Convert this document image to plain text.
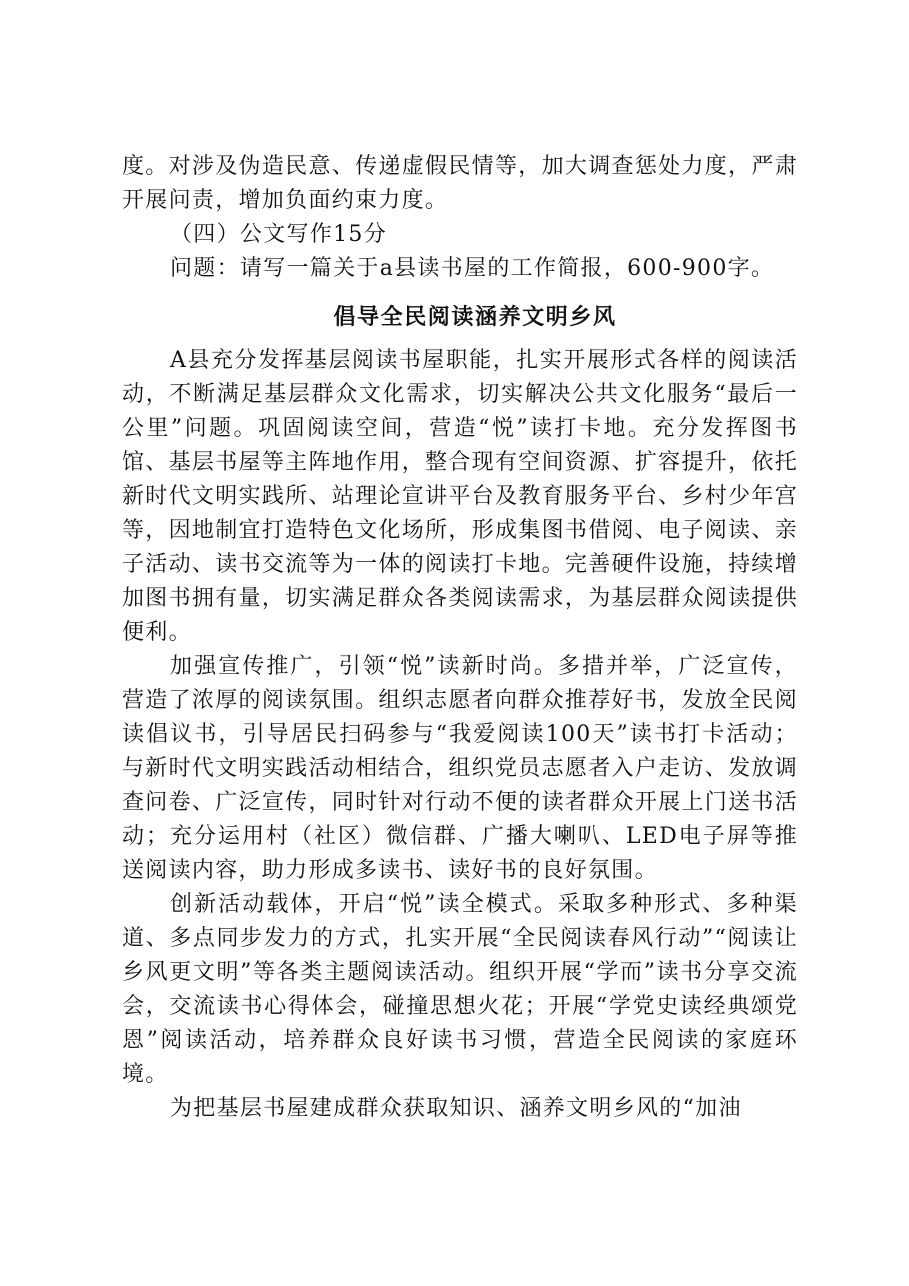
度。对涉及伪造民意、传递虚假民情等，加大调查惩处力度，严肃开展问责，增加负面约束力度。

（四）公文写作15分

问题：请写一篇关于a县读书屋的工作简报，600-900字。

倡导全民阅读涵养文明乡风

A县充分发挥基层阅读书屋职能，扎实开展形式各样的阅读活动，不断满足基层群众文化需求，切实解决公共文化服务“最后一公里”问题。巩固阅读空间，营造“悦”读打卡地。充分发挥图书馆、基层书屋等主阵地作用，整合现有空间资源、扩容提升，依托新时代文明实践所、站理论宣讲平台及教育服务平台、乡村少年宫等，因地制宜打造特色文化场所，形成集图书借阅、电子阅读、亲子活动、读书交流等为一体的阅读打卡地。完善硬件设施，持续增加图书拥有量，切实满足群众各类阅读需求，为基层群众阅读提供便利。

加强宣传推广，引领“悦”读新时尚。多措并举，广泛宣传，营造了浓厚的阅读氛围。组织志愿者向群众推荐好书，发放全民阅读倡议书，引导居民扫码参与“我爱阅读100天”读书打卡活动；与新时代文明实践活动相结合，组织党员志愿者入户走访、发放调查问卷、广泛宣传，同时针对行动不便的读者群众开展上门送书活动；充分运用村（社区）微信群、广播大喇叭、LED电子屏等推送阅读内容，助力形成多读书、读好书的良好氛围。

创新活动载体，开启“悦”读全模式。采取多种形式、多种渠道、多点同步发力的方式，扎实开展“全民阅读春风行动”“阅读让乡风更文明”等各类主题阅读活动。组织开展“学而”读书分享交流会，交流读书心得体会，碰撞思想火花；开展“学党史读经典颂党恩”阅读活动，培养群众良好读书习惯，营造全民阅读的家庭环境。

为把基层书屋建成群众获取知识、涵养文明乡风的“加油
